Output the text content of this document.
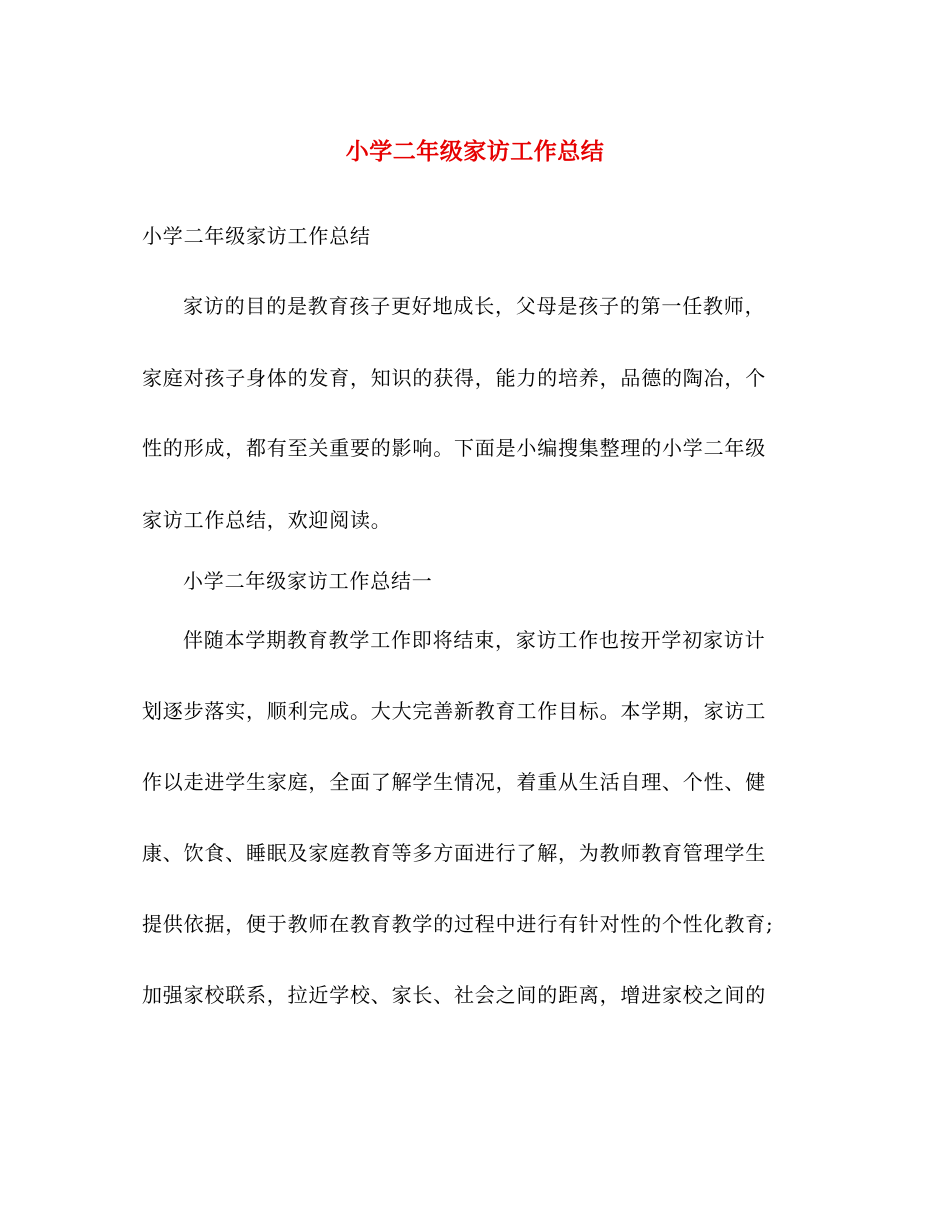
小学二年级家访工作总结
小学二年级家访工作总结
家访的目的是教育孩子更好地成长，父母是孩子的第一任教师，
家庭对孩子身体的发育，知识的获得，能力的培养，品德的陶冶，个
性的形成，都有至关重要的影响。下面是小编搜集整理的小学二年级
家访工作总结，欢迎阅读。
小学二年级家访工作总结一
伴随本学期教育教学工作即将结束，家访工作也按开学初家访计
划逐步落实，顺利完成。大大完善新教育工作目标。本学期，家访工
作以走进学生家庭，全面了解学生情况，着重从生活自理、个性、健
康、饮食、睡眠及家庭教育等多方面进行了解，为教师教育管理学生
提供依据，便于教师在教育教学的过程中进行有针对性的个性化教育;
加强家校联系，拉近学校、家长、社会之间的距离，增进家校之间的
